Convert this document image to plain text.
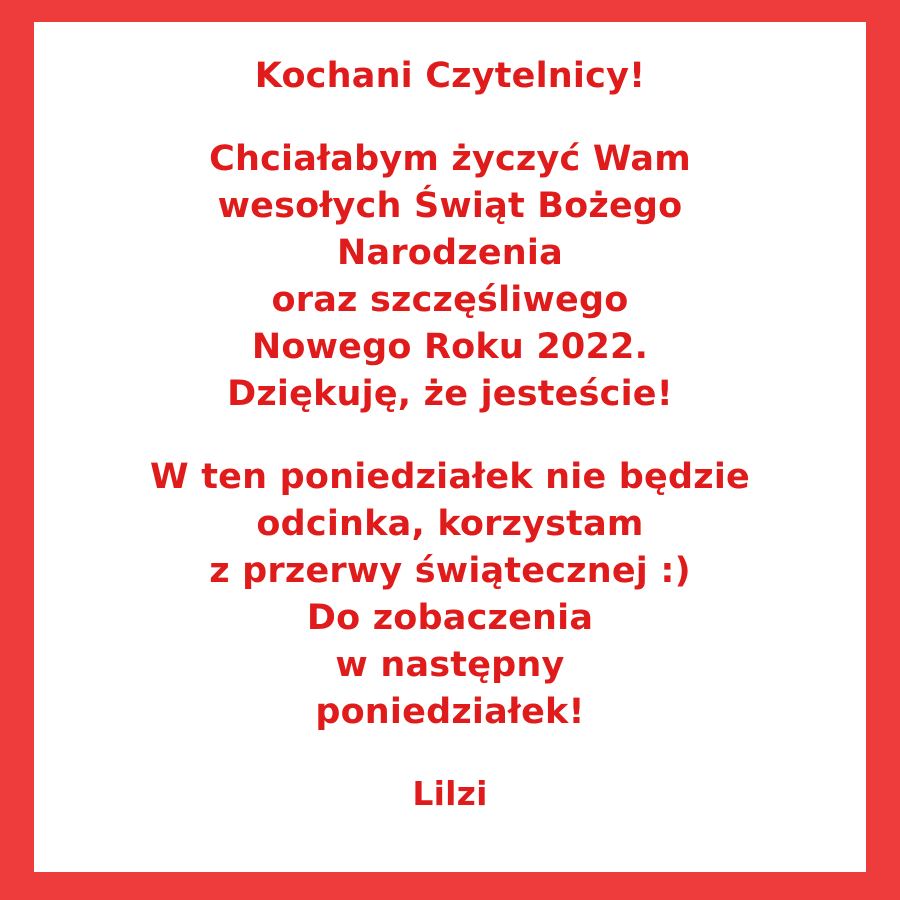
Kochani Czytelnicy!
Chciałabym życzyć Wam
wesołych Świąt Bożego
Narodzenia
oraz szczęśliwego
Nowego Roku 2022.
Dziękuję, że jesteście!
W ten poniedziałek nie będzie
odcinka, korzystam
z przerwy świątecznej :)
Do zobaczenia
w następny
poniedziałek!
Lilzi
